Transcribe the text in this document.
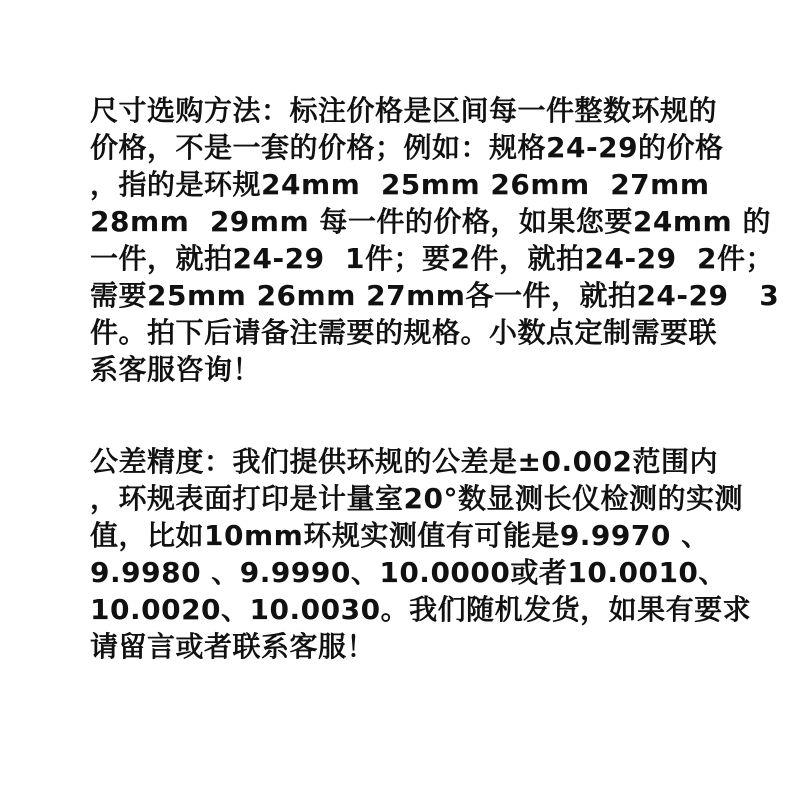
尺寸选购方法：标注价格是区间每一件整数环规的
价格，不是一套的价格；例如：规格24-29的价格
，指的是环规24mm  25mm 26mm  27mm
28mm  29mm 每一件的价格，如果您要24mm 的
一件，就拍24-29  1件；要2件，就拍24-29  2件；
需要25mm 26mm 27mm各一件，就拍24-29   3
件。拍下后请备注需要的规格。小数点定制需要联
系客服咨询！
公差精度：我们提供环规的公差是±0.002范围内
，环规表面打印是计量室20°数显测长仪检测的实测
值，比如10mm环规实测值有可能是9.9970 、
9.9980 、9.9990、10.0000或者10.0010、
10.0020、10.0030。我们随机发货，如果有要求
请留言或者联系客服！
